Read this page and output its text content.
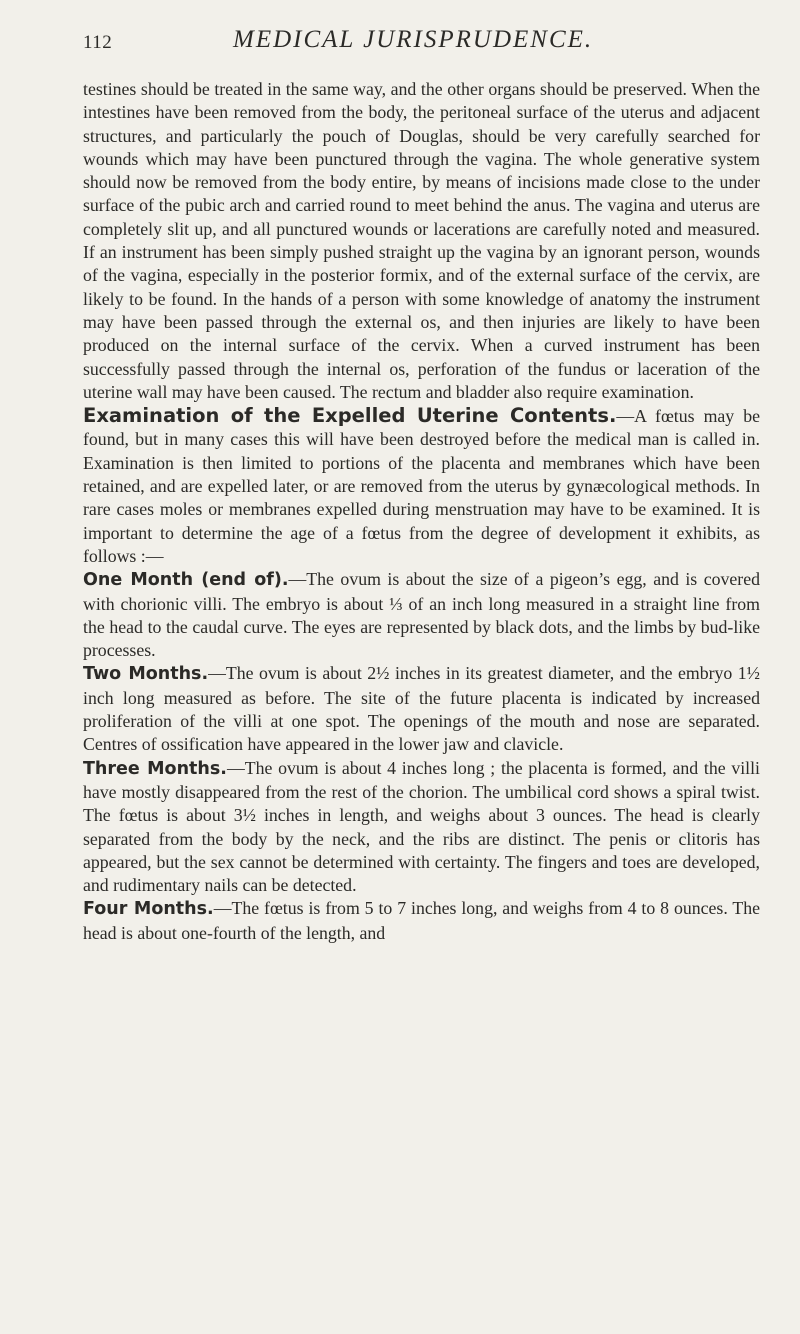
112	MEDICAL JURISPRUDENCE.

testines should be treated in the same way, and the other organs should be preserved. When the intestines have been removed from the body, the peritoneal surface of the uterus and adjacent structures, and particularly the pouch of Douglas, should be very carefully searched for wounds which may have been punctured through the vagina. The whole generative system should now be removed from the body entire, by means of incisions made close to the under surface of the pubic arch and carried round to meet behind the anus. The vagina and uterus are completely slit up, and all punctured wounds or lacerations are carefully noted and measured. If an instrument has been simply pushed straight up the vagina by an ignorant person, wounds of the vagina, especially in the posterior formix, and of the external surface of the cervix, are likely to be found. In the hands of a person with some knowledge of anatomy the instrument may have been passed through the external os, and then injuries are likely to have been produced on the internal surface of the cervix. When a curved instrument has been successfully passed through the internal os, perforation of the fundus or laceration of the uterine wall may have been caused. The rectum and bladder also require examination.

Examination of the Expelled Uterine Contents.—A fœtus may be found, but in many cases this will have been destroyed before the medical man is called in. Examination is then limited to portions of the placenta and membranes which have been retained, and are expelled later, or are removed from the uterus by gynæcological methods. In rare cases moles or membranes expelled during menstruation may have to be examined. It is important to determine the age of a fœtus from the degree of development it exhibits, as follows :—

One Month (end of).—The ovum is about the size of a pigeon’s egg, and is covered with chorionic villi. The embryo is about ⅓ of an inch long measured in a straight line from the head to the caudal curve. The eyes are represented by black dots, and the limbs by bud-like processes.

Two Months.—The ovum is about 2½ inches in its greatest diameter, and the embryo 1½ inch long measured as before. The site of the future placenta is indicated by increased proliferation of the villi at one spot. The openings of the mouth and nose are separated. Centres of ossification have appeared in the lower jaw and clavicle.

Three Months.—The ovum is about 4 inches long ; the placenta is formed, and the villi have mostly disappeared from the rest of the chorion. The umbilical cord shows a spiral twist. The fœtus is about 3½ inches in length, and weighs about 3 ounces. The head is clearly separated from the body by the neck, and the ribs are distinct. The penis or clitoris has appeared, but the sex cannot be determined with certainty. The fingers and toes are developed, and rudimentary nails can be detected.

Four Months.—The fœtus is from 5 to 7 inches long, and weighs from 4 to 8 ounces. The head is about one-fourth of the length, and
